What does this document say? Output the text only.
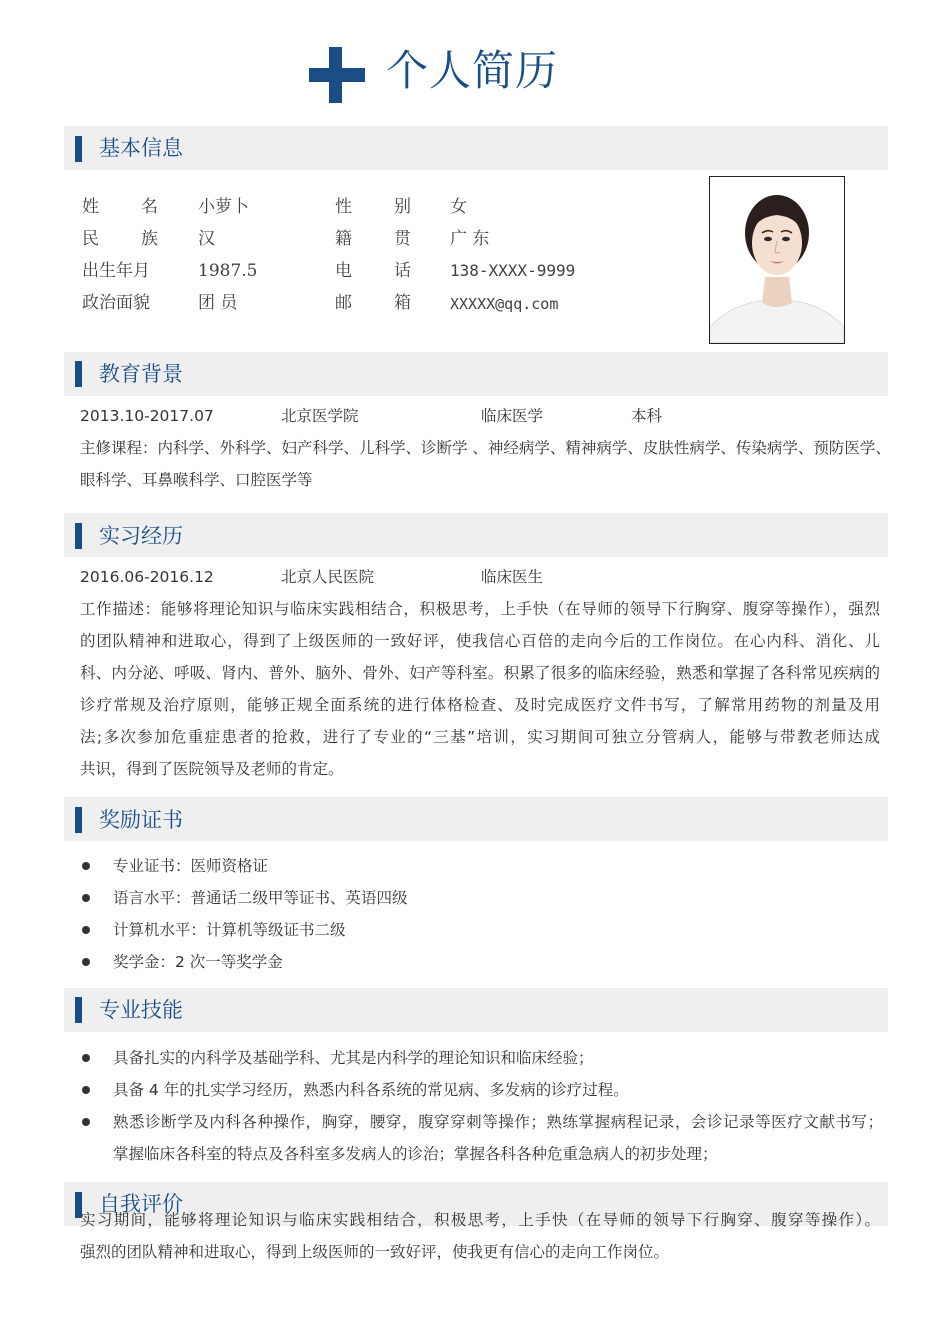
个人简历
基本信息
姓 名 小萝卜	性 别 女
民 族 汉	籍 贯 广 东
出生年月	1987.5	电 话 138-XXXX-9999
政治面貌	团 员	邮 箱	XXXXX@qq.com
教育背景
2013.10-2017.07	北京医学院	临床医学	本科
主修课程：内科学、外科学、妇产科学、儿科学、诊断学 、神经病学、精神病学、皮肤性病学、传染病学、预防医学、
眼科学、耳鼻喉科学、口腔医学等
实习经历
2016.06-2016.12	北京人民医院	临床医生
工作描述：能够将理论知识与临床实践相结合，积极思考，上手快（在导师的领导下行胸穿、腹穿等操作），强烈
的团队精神和进取心，得到了上级医师的一致好评，使我信心百倍的走向今后的工作岗位。在心内科、消化、儿
科、内分泌、呼吸、肾内、普外、脑外、骨外、妇产等科室。积累了很多的临床经验，熟悉和掌握了各科常见疾病的
诊疗常规及治疗原则，能够正规全面系统的进行体格检查、及时完成医疗文件书写，了解常用药物的剂量及用
法;多次参加危重症患者的抢救，进行了专业的“三基”培训，实习期间可独立分管病人，能够与带教老师达成
共识，得到了医院领导及老师的肯定。
奖励证书
专业证书：医师资格证
语言水平：普通话二级甲等证书、英语四级
计算机水平：计算机等级证书二级
奖学金：2 次一等奖学金
专业技能
具备扎实的内科学及基础学科、尤其是内科学的理论知识和临床经验；
具备 4 年的扎实学习经历，熟悉内科各系统的常见病、多发病的诊疗过程。
熟悉诊断学及内科各种操作，胸穿，腰穿，腹穿穿刺等操作；熟练掌握病程记录，会诊记录等医疗文献书写；
掌握临床各科室的特点及各科室多发病人的诊治；掌握各科各种危重急病人的初步处理；
自我评价
实习期间，能够将理论知识与临床实践相结合，积极思考，上手快（在导师的领导下行胸穿、腹穿等操作）。
强烈的团队精神和进取心，得到上级医师的一致好评，使我更有信心的走向工作岗位。
